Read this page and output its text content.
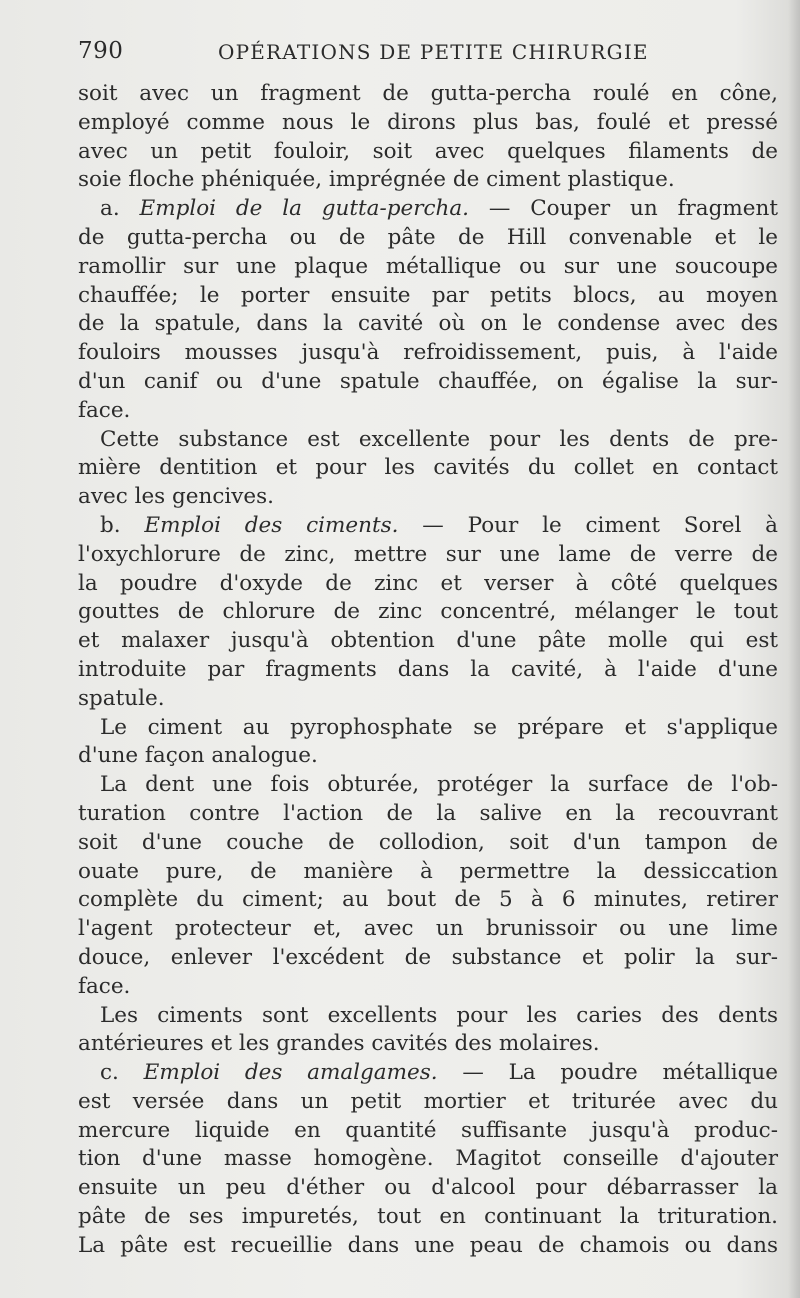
790	OPÉRATIONS DE PETITE CHIRURGIE
soit avec un fragment de gutta-percha roulé en cône,
employé comme nous le dirons plus bas, foulé et pressé
avec un petit fouloir, soit avec quelques filaments de
soie floche phéniquée, imprégnée de ciment plastique.
a. Emploi de la gutta-percha. — Couper un fragment
de gutta-percha ou de pâte de Hill convenable et le
ramollir sur une plaque métallique ou sur une soucoupe
chauffée; le porter ensuite par petits blocs, au moyen
de la spatule, dans la cavité où on le condense avec des
fouloirs mousses jusqu'à refroidissement, puis, à l'aide
d'un canif ou d'une spatule chauffée, on égalise la sur-
face.
Cette substance est excellente pour les dents de pre-
mière dentition et pour les cavités du collet en contact
avec les gencives.
b. Emploi des ciments. — Pour le ciment Sorel à
l'oxychlorure de zinc, mettre sur une lame de verre de
la poudre d'oxyde de zinc et verser à côté quelques
gouttes de chlorure de zinc concentré, mélanger le tout
et malaxer jusqu'à obtention d'une pâte molle qui est
introduite par fragments dans la cavité, à l'aide d'une
spatule.
Le ciment au pyrophosphate se prépare et s'applique
d'une façon analogue.
La dent une fois obturée, protéger la surface de l'ob-
turation contre l'action de la salive en la recouvrant
soit d'une couche de collodion, soit d'un tampon de
ouate pure, de manière à permettre la dessiccation
complète du ciment; au bout de 5 à 6 minutes, retirer
l'agent protecteur et, avec un brunissoir ou une lime
douce, enlever l'excédent de substance et polir la sur-
face.
Les ciments sont excellents pour les caries des dents
antérieures et les grandes cavités des molaires.
c. Emploi des amalgames. — La poudre métallique
est versée dans un petit mortier et triturée avec du
mercure liquide en quantité suffisante jusqu'à produc-
tion d'une masse homogène. Magitot conseille d'ajouter
ensuite un peu d'éther ou d'alcool pour débarrasser la
pâte de ses impuretés, tout en continuant la trituration.
La pâte est recueillie dans une peau de chamois ou dans
